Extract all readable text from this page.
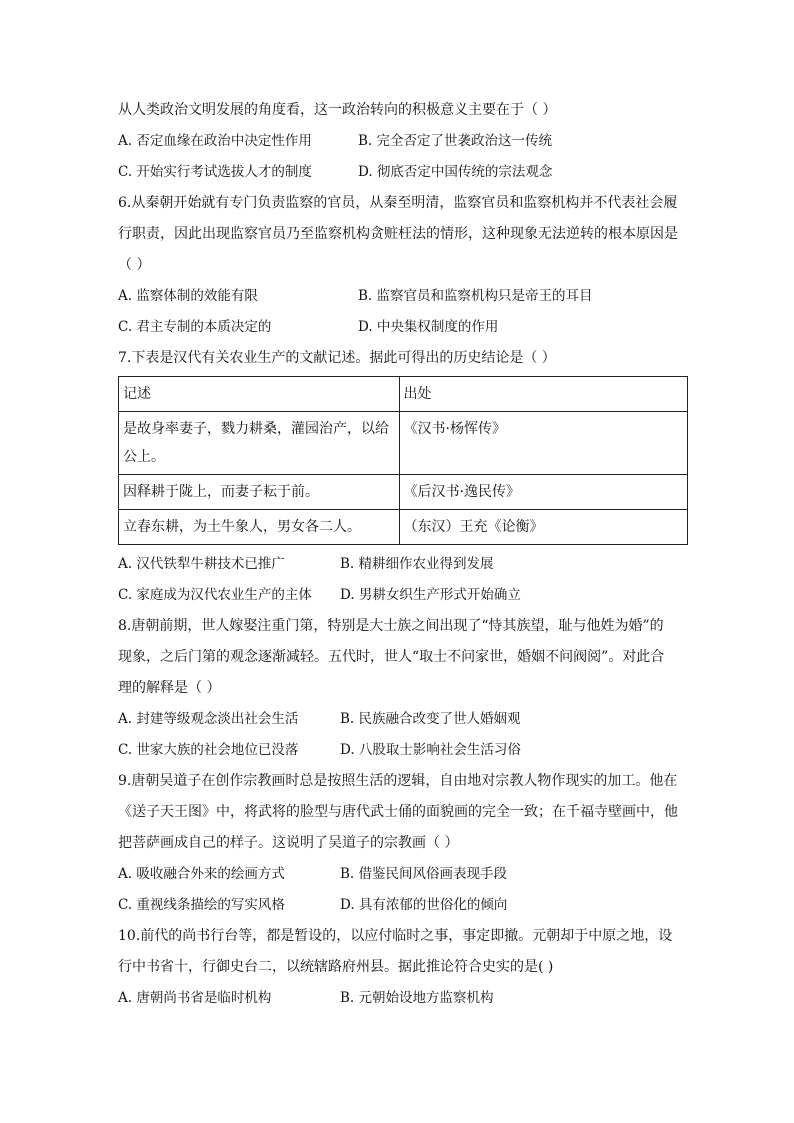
从人类政治文明发展的角度看，这一政治转向的积极意义主要在于（ ）
A. 否定血缘在政治中决定性作用	B. 完全否定了世袭政治这一传统
C. 开始实行考试选拔人才的制度	D. 彻底否定中国传统的宗法观念
6.从秦朝开始就有专门负责监察的官员，从秦至明清，监察官员和监察机构并不代表社会履
行职责，因此出现监察官员乃至监察机构贪赃枉法的情形，这种现象无法逆转的根本原因是
（ ）
A. 监察体制的效能有限	B. 监察官员和监察机构只是帝王的耳目
C. 君主专制的本质决定的	D. 中央集权制度的作用
7.下表是汉代有关农业生产的文献记述。据此可得出的历史结论是（ ）
记述	出处
是故身率妻子，戮力耕桑，灌园治产，以给公上。	《汉书·杨恽传》
因释耕于陇上，而妻子耘于前。	《后汉书·逸民传》
立春东耕，为土牛象人，男女各二人。	（东汉）王充《论衡》
A. 汉代铁犁牛耕技术已推广	B. 精耕细作农业得到发展
C. 家庭成为汉代农业生产的主体	D. 男耕女织生产形式开始确立
8.唐朝前期，世人嫁娶注重门第，特别是大士族之间出现了“恃其族望，耻与他姓为婚”的
现象，之后门第的观念逐渐减轻。五代时，世人“取士不问家世，婚姻不问阀阅”。对此合
理的解释是（ ）
A. 封建等级观念淡出社会生活	B. 民族融合改变了世人婚姻观
C. 世家大族的社会地位已没落	D. 八股取士影响社会生活习俗
9.唐朝吴道子在创作宗教画时总是按照生活的逻辑，自由地对宗教人物作现实的加工。他在
《送子天王图》中，将武将的脸型与唐代武士俑的面貌画的完全一致；在千福寺壁画中，他
把菩萨画成自己的样子。这说明了吴道子的宗教画（ ）
A. 吸收融合外来的绘画方式	B. 借鉴民间风俗画表现手段
C. 重视线条描绘的写实风格	D. 具有浓郁的世俗化的倾向
10.前代的尚书行台等，都是暂设的，以应付临时之事，事定即撤。元朝却于中原之地，设
行中书省十，行御史台二，以统辖路府州县。据此推论符合史实的是( )
A. 唐朝尚书省是临时机构	B. 元朝始设地方监察机构
